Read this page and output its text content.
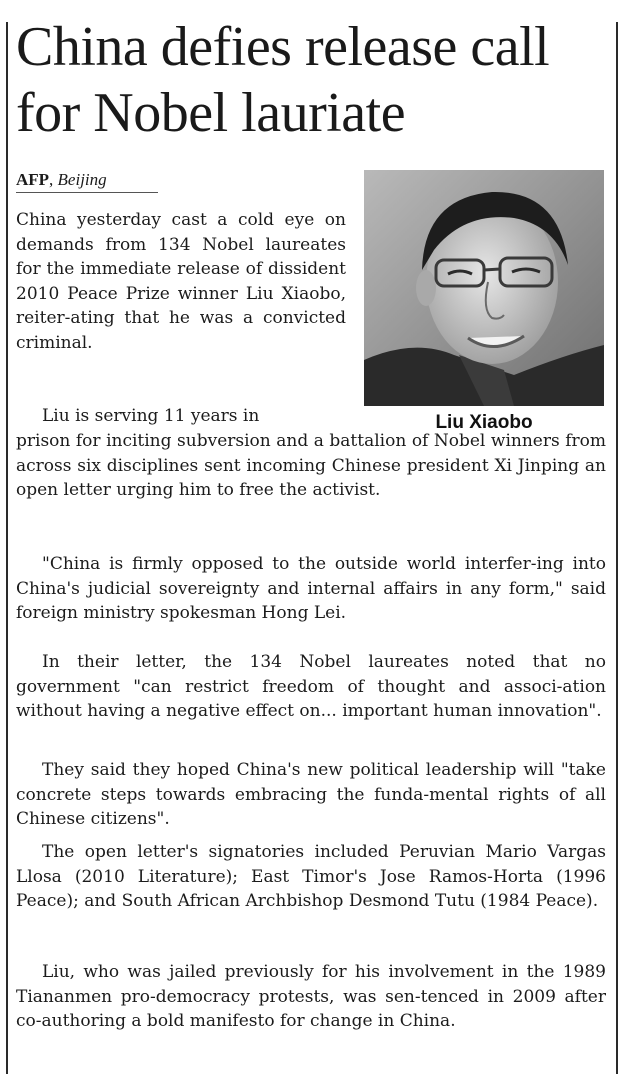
China defies release call for Nobel lauriate
AFP, Beijing
Liu Xiaobo

China yesterday cast a cold eye on demands from 134 Nobel laureates for the immediate release of dissident 2010 Peace Prize winner Liu Xiaobo, reiter-ating that he was a convicted criminal.

Liu is serving 11 years in

prison for inciting subversion and a battalion of Nobel winners from across six disciplines sent incoming Chinese president Xi Jinping an open letter urging him to free the activist.

"China is firmly opposed to the outside world interfer-ing into China's judicial sovereignty and internal affairs in any form," said foreign ministry spokesman Hong Lei.

In their letter, the 134 Nobel laureates noted that no government "can restrict freedom of thought and associ-ation without having a negative effect on... important human innovation".

They said they hoped China's new political leadership will "take concrete steps towards embracing the funda-mental rights of all Chinese citizens".

The open letter's signatories included Peruvian Mario Vargas Llosa (2010 Literature); East Timor's Jose Ramos-Horta (1996 Peace); and South African Archbishop Desmond Tutu (1984 Peace).

Liu, who was jailed previously for his involvement in the 1989 Tiananmen pro-democracy protests, was sen-tenced in 2009 after co-authoring a bold manifesto for change in China.
